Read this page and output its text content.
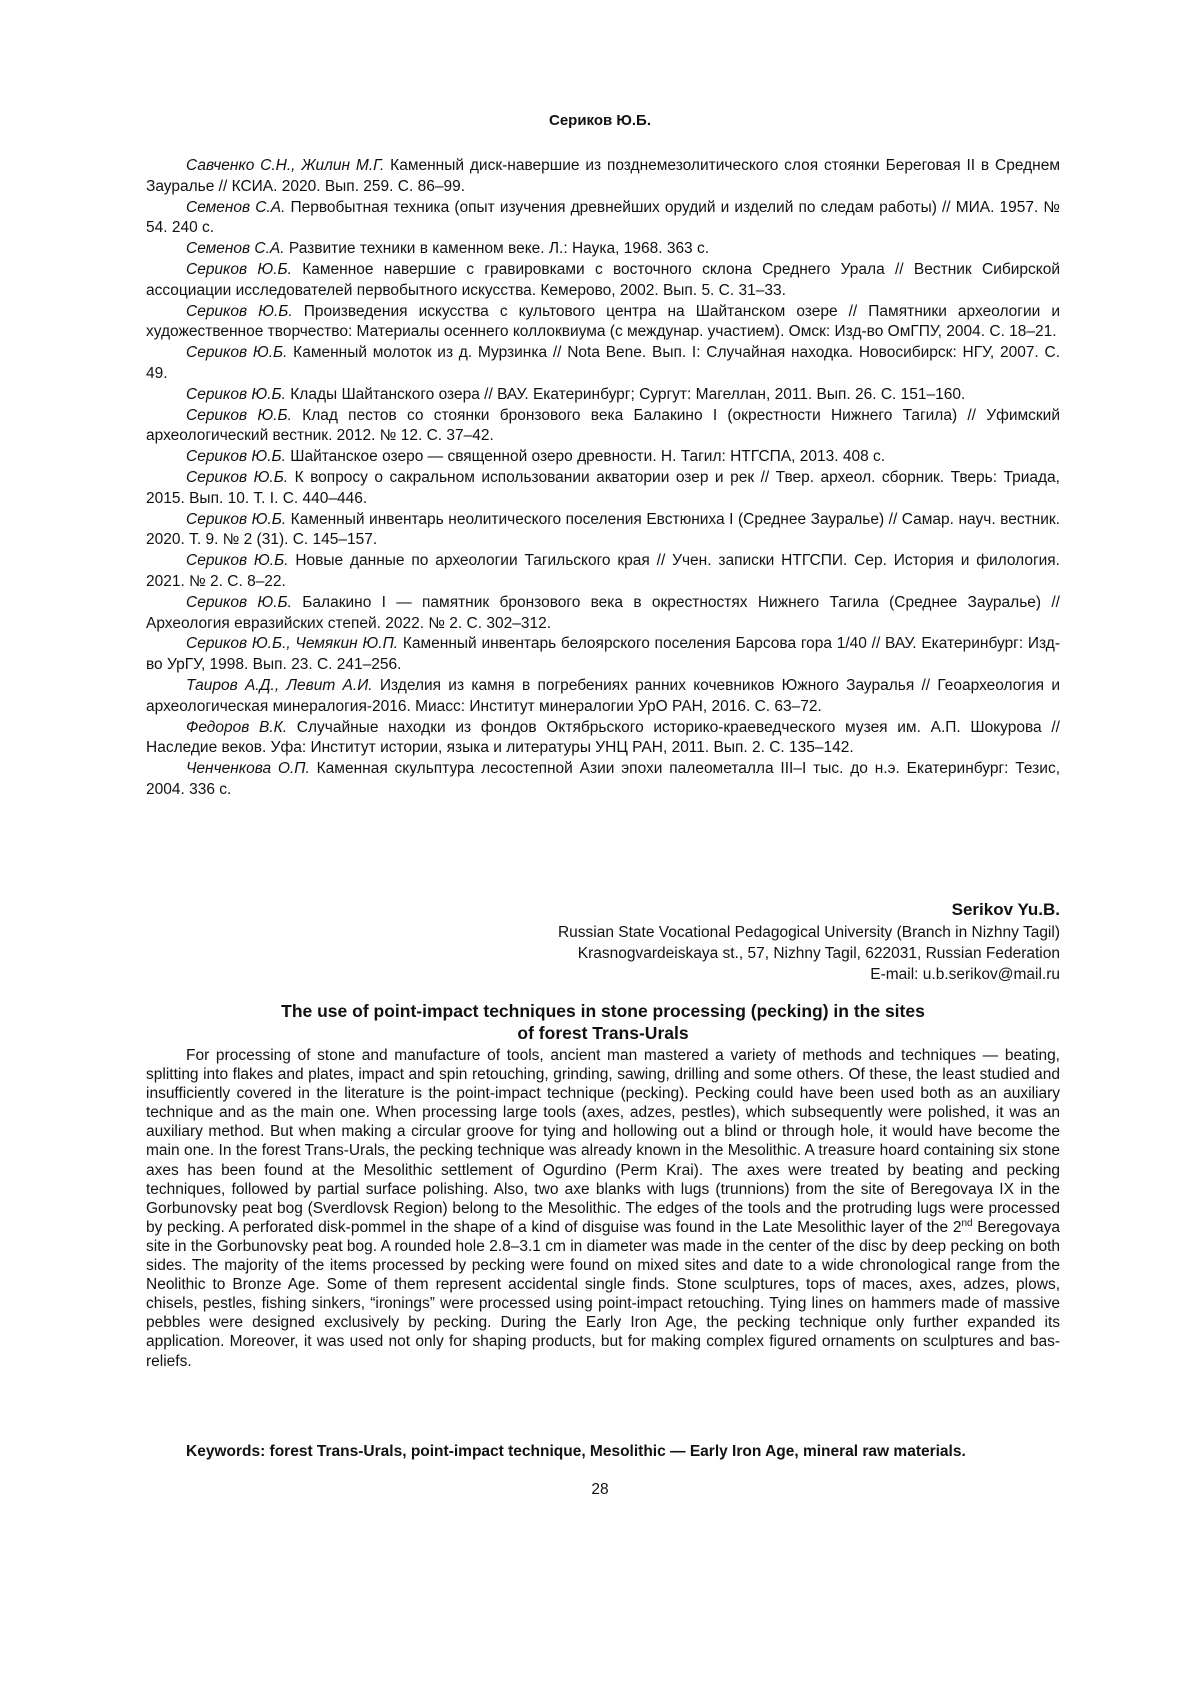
Сериков Ю.Б.

Савченко С.Н., Жилин М.Г. Каменный диск-навершие из позднемезолитического слоя стоянки Береговая II в Среднем Зауралье // КСИА. 2020. Вып. 259. С. 86–99.

Семенов С.А. Первобытная техника (опыт изучения древнейших орудий и изделий по следам работы) // МИА. 1957. № 54. 240 с.

Семенов С.А. Развитие техники в каменном веке. Л.: Наука, 1968. 363 с.

Сериков Ю.Б. Каменное навершие с гравировками с восточного склона Среднего Урала // Вестник Сибирской ассоциации исследователей первобытного искусства. Кемерово, 2002. Вып. 5. С. 31–33.

Сериков Ю.Б. Произведения искусства с культового центра на Шайтанском озере // Памятники археологии и художественное творчество: Материалы осеннего коллоквиума (с междунар. участием). Омск: Изд-во ОмГПУ, 2004. С. 18–21.

Сериков Ю.Б. Каменный молоток из д. Мурзинка // Nota Bene. Вып. I: Случайная находка. Новосибирск: НГУ, 2007. С. 49.

Сериков Ю.Б. Клады Шайтанского озера // ВАУ. Екатеринбург; Сургут: Магеллан, 2011. Вып. 26. С. 151–160.

Сериков Ю.Б. Клад пестов со стоянки бронзового века Балакино I (окрестности Нижнего Тагила) // Уфимский археологический вестник. 2012. № 12. С. 37–42.

Сериков Ю.Б. Шайтанское озеро — священной озеро древности. Н. Тагил: НТГСПА, 2013. 408 с.

Сериков Ю.Б. К вопросу о сакральном использовании акватории озер и рек // Твер. археол. сборник. Тверь: Триада, 2015. Вып. 10. Т. I. С. 440–446.

Сериков Ю.Б. Каменный инвентарь неолитического поселения Евстюниха I (Среднее Зауралье) // Самар. науч. вестник. 2020. Т. 9. № 2 (31). С. 145–157.

Сериков Ю.Б. Новые данные по археологии Тагильского края // Учен. записки НТГСПИ. Сер. История и филология. 2021. № 2. С. 8–22.

Сериков Ю.Б. Балакино I — памятник бронзового века в окрестностях Нижнего Тагила (Среднее Зауралье) // Археология евразийских степей. 2022. № 2. С. 302–312.

Сериков Ю.Б., Чемякин Ю.П. Каменный инвентарь белоярского поселения Барсова гора 1/40 // ВАУ. Екатеринбург: Изд-во УрГУ, 1998. Вып. 23. С. 241–256.

Таиров А.Д., Левит А.И. Изделия из камня в погребениях ранних кочевников Южного Зауралья // Геоархеология и археологическая минералогия-2016. Миасс: Институт минералогии УрО РАН, 2016. С. 63–72.

Федоров В.К. Случайные находки из фондов Октябрьского историко-краеведческого музея им. А.П. Шокурова // Наследие веков. Уфа: Институт истории, языка и литературы УНЦ РАН, 2011. Вып. 2. С. 135–142.

Ченченкова О.П. Каменная скульптура лесостепной Азии эпохи палеометалла III–I тыс. до н.э. Екатеринбург: Тезис, 2004. 336 с.

Serikov Yu.B.
Russian State Vocational Pedagogical University (Branch in Nizhny Tagil)
Krasnogvardeiskaya st., 57, Nizhny Tagil, 622031, Russian Federation
E-mail: u.b.serikov@mail.ru
The use of point-impact techniques in stone processing (pecking) in the sites
of forest Trans-Urals

For processing of stone and manufacture of tools, ancient man mastered a variety of methods and techniques — beating, splitting into flakes and plates, impact and spin retouching, grinding, sawing, drilling and some others. Of these, the least studied and insufficiently covered in the literature is the point-impact technique (pecking). Pecking could have been used both as an auxiliary technique and as the main one. When processing large tools (axes, adzes, pestles), which subsequently were polished, it was an auxiliary method. But when making a circular groove for tying and hollowing out a blind or through hole, it would have become the main one. In the forest Trans-Urals, the pecking technique was already known in the Mesolithic. A treasure hoard containing six stone axes has been found at the Mesolithic settlement of Ogurdino (Perm Krai). The axes were treated by beating and pecking techniques, followed by partial surface polishing. Also, two axe blanks with lugs (trunnions) from the site of Beregovaya IX in the Gorbunovsky peat bog (Sverdlovsk Region) belong to the Mesolithic. The edges of the tools and the protruding lugs were processed by pecking. A perforated disk-pommel in the shape of a kind of disguise was found in the Late Mesolithic layer of the 2nd Beregovaya site in the Gorbunovsky peat bog. A rounded hole 2.8–3.1 cm in diameter was made in the center of the disc by deep pecking on both sides. The majority of the items processed by pecking were found on mixed sites and date to a wide chronological range from the Neolithic to Bronze Age. Some of them represent accidental single finds. Stone sculptures, tops of maces, axes, adzes, plows, chisels, pestles, fishing sinkers, “ironings” were processed using point-impact retouching. Tying lines on hammers made of massive pebbles were designed exclusively by pecking. During the Early Iron Age, the pecking technique only further expanded its application. Moreover, it was used not only for shaping products, but for making complex figured ornaments on sculptures and bas-reliefs.

Keywords: forest Trans-Urals, point-impact technique, Mesolithic — Early Iron Age, mineral raw materials.

28
